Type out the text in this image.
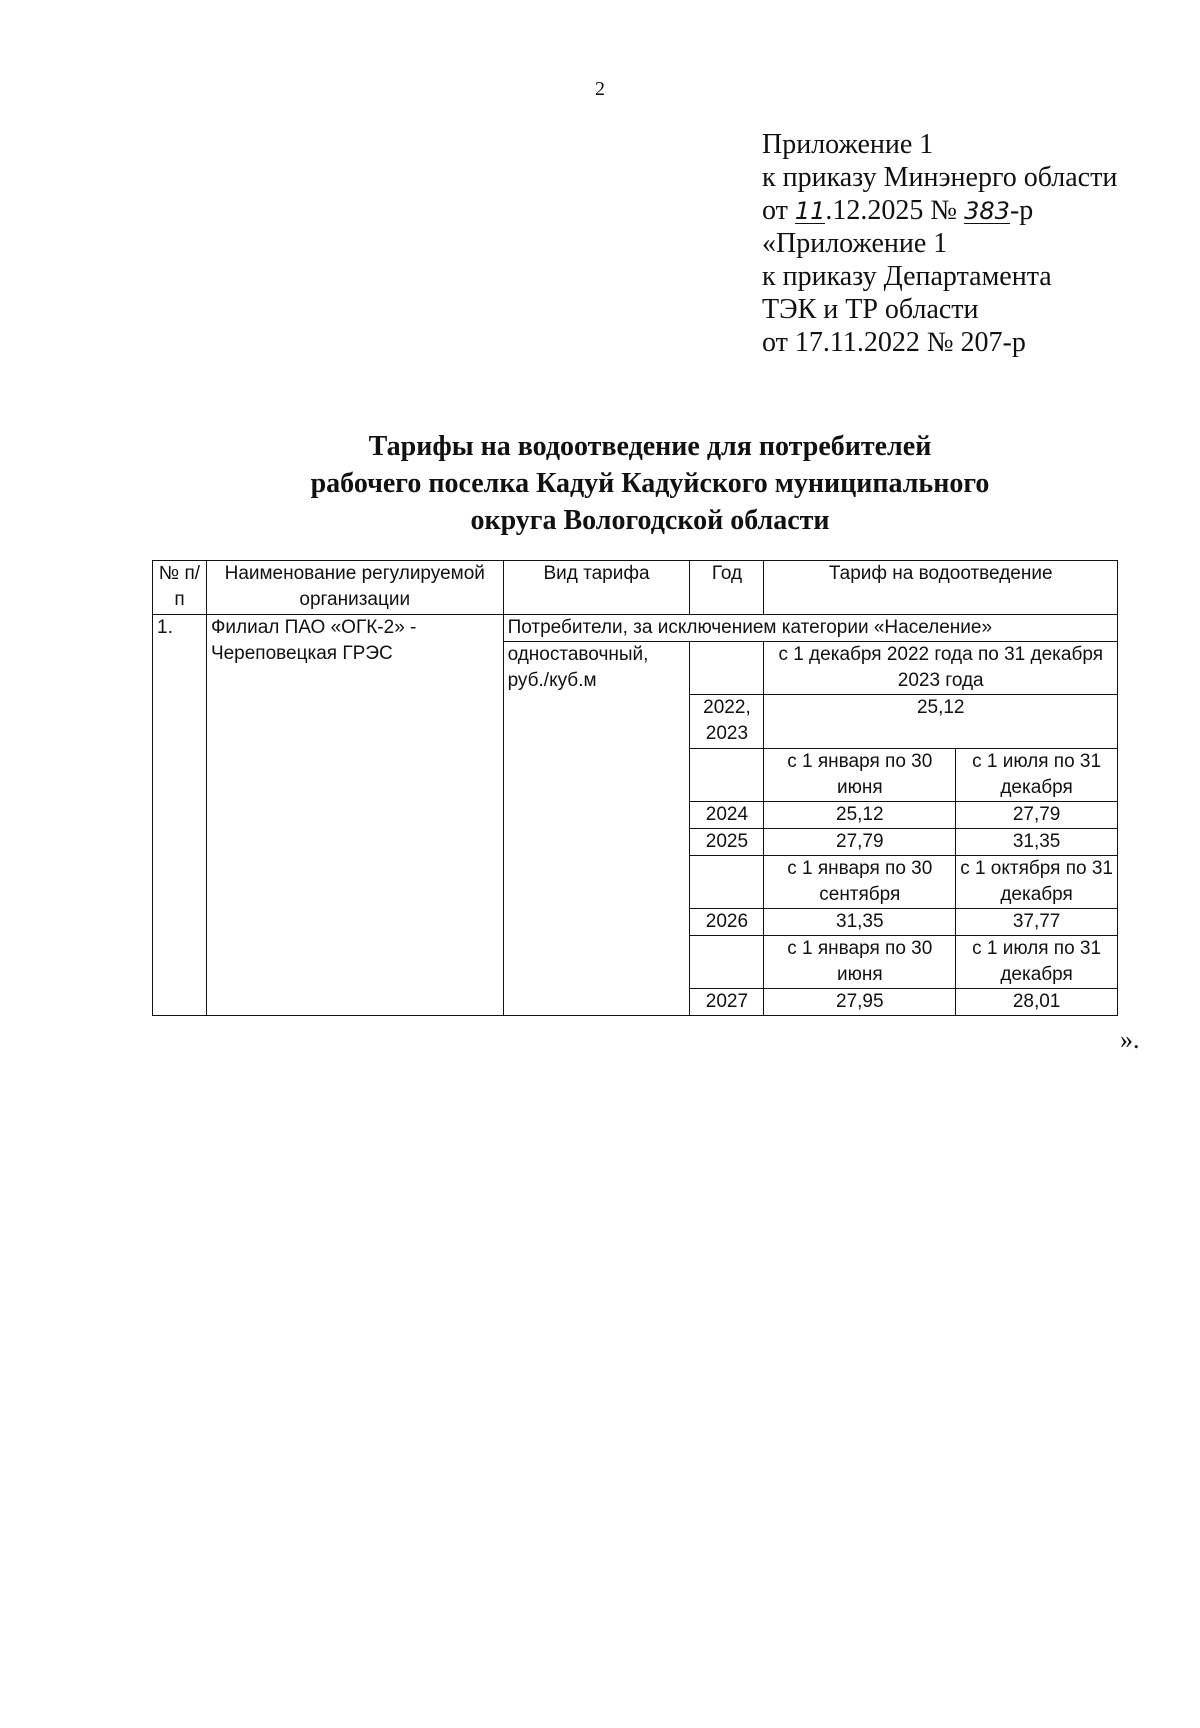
2
Приложение 1
к приказу Минэнерго области
от 11.12.2025 № 383-р
«Приложение 1
к приказу Департамента
ТЭК и ТР области
от 17.11.2022 № 207-р
Тарифы на водоотведение для потребителей
рабочего поселка Кадуй Кадуйского муниципального
округа Вологодской области
№ п/п	Наименование регулируемой организации	Вид тарифа	Год	Тариф на водоотведение	
1.	Филиал ПАО «ОГК-2» - Череповецкая ГРЭС	Потребители, за исключением категории «Население»			
		одноставочный, руб./куб.м		с 1 декабря 2022 года по 31 декабря 2023 года	
			2022, 2023	25,12	
				с 1 января по 30 июня	с 1 июля по 31 декабря
			2024	25,12	27,79
			2025	27,79	31,35
				с 1 января по 30 сентября	с 1 октября по 31 декабря
			2026	31,35	37,77
				с 1 января по 30 июня	с 1 июля по 31 декабря
			2027	27,95	28,01
».
